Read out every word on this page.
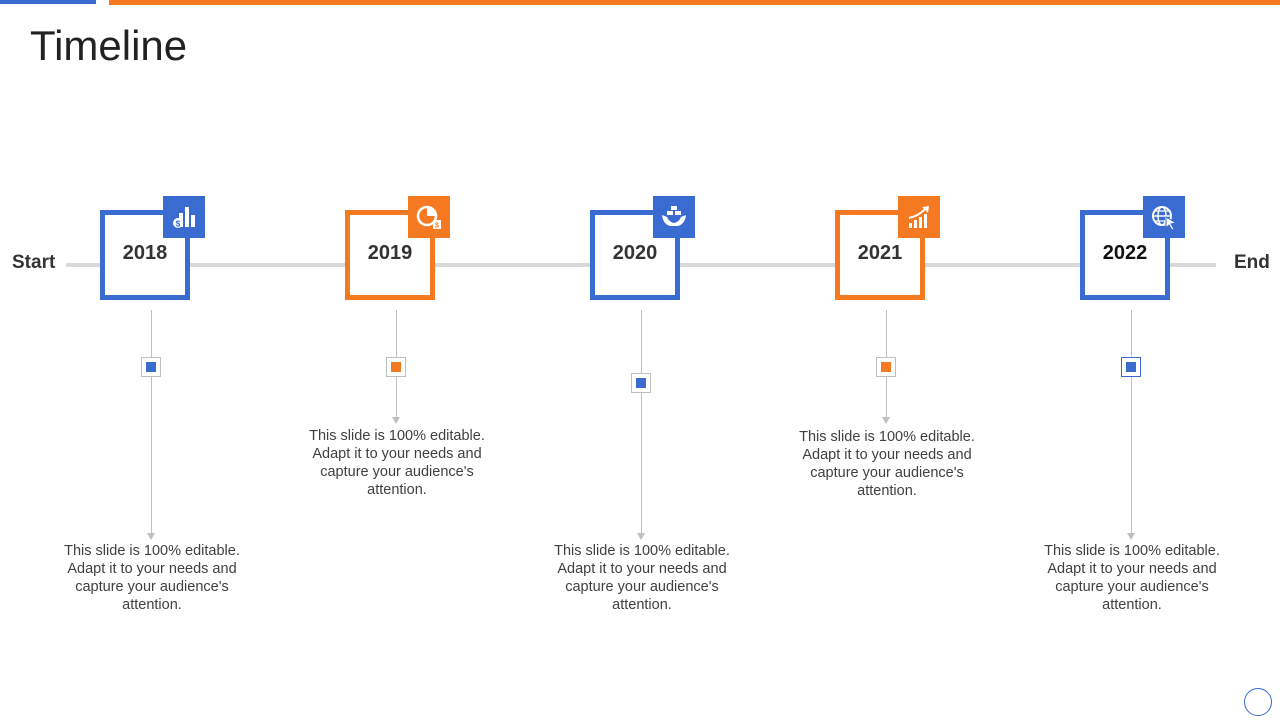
Timeline
Start	End
2018
$
This slide is 100% editable. Adapt it to your needs and capture your audience's attention.
2019
$
This slide is 100% editable. Adapt it to your needs and capture your audience's attention.
2020
This slide is 100% editable. Adapt it to your needs and capture your audience's attention.
2021
This slide is 100% editable. Adapt it to your needs and capture your audience's attention.
2022
This slide is 100% editable. Adapt it to your needs and capture your audience's attention.
